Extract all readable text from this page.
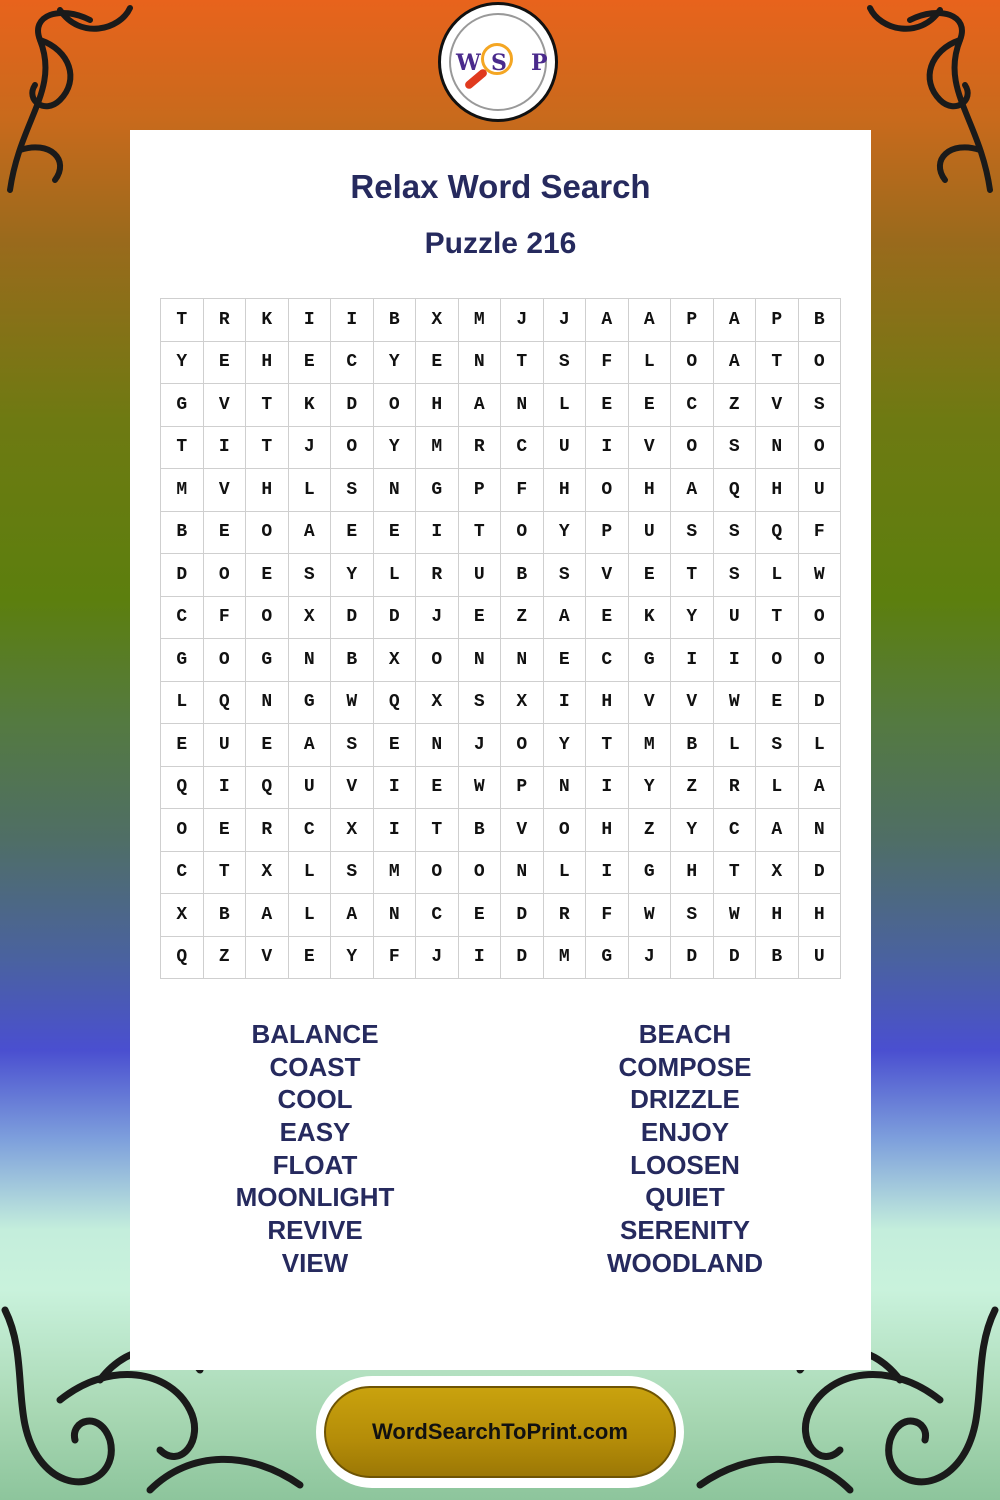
W S P
Relax Word Search
Puzzle 216
T	R	K	I	I	B	X	M	J	J	A	A	P	A	P	B
Y	E	H	E	C	Y	E	N	T	S	F	L	O	A	T	O
G	V	T	K	D	O	H	A	N	L	E	E	C	Z	V	S
T	I	T	J	O	Y	M	R	C	U	I	V	O	S	N	O
M	V	H	L	S	N	G	P	F	H	O	H	A	Q	H	U
B	E	O	A	E	E	I	T	O	Y	P	U	S	S	Q	F
D	O	E	S	Y	L	R	U	B	S	V	E	T	S	L	W
C	F	O	X	D	D	J	E	Z	A	E	K	Y	U	T	O
G	O	G	N	B	X	O	N	N	E	C	G	I	I	O	O
L	Q	N	G	W	Q	X	S	X	I	H	V	V	W	E	D
E	U	E	A	S	E	N	J	O	Y	T	M	B	L	S	L
Q	I	Q	U	V	I	E	W	P	N	I	Y	Z	R	L	A
O	E	R	C	X	I	T	B	V	O	H	Z	Y	C	A	N
C	T	X	L	S	M	O	O	N	L	I	G	H	T	X	D
X	B	A	L	A	N	C	E	D	R	F	W	S	W	H	H
Q	Z	V	E	Y	F	J	I	D	M	G	J	D	D	B	U
BALANCE
COAST
COOL
EASY
FLOAT
MOONLIGHT
REVIVE
VIEW
BEACH
COMPOSE
DRIZZLE
ENJOY
LOOSEN
QUIET
SERENITY
WOODLAND
WordSearchToPrint.com
